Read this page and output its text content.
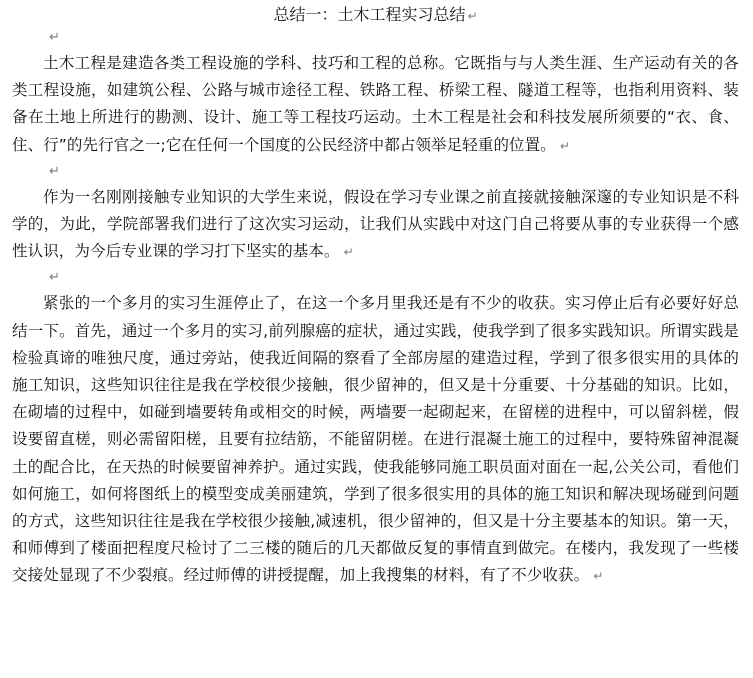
总结一：土木工程实习总结 ↵
↵

土木工程是建造各类工程设施的学科、技巧和工程的总称。它既指与与人类生涯、生产运动有关的各类工程设施，如建筑公程、公路与城市途径工程、铁路工程、桥梁工程、隧道工程等，也指利用资料、装备在土地上所进行的勘测、设计、施工等工程技巧运动。土木工程是社会和科技发展所须要的“衣、食、住、行”的先行官之一;它在任何一个国度的公民经济中都占领举足轻重的位置。 ↵

↵

作为一名刚刚接触专业知识的大学生来说，假设在学习专业课之前直接就接触深邃的专业知识是不科学的，为此，学院部署我们进行了这次实习运动，让我们从实践中对这门自己将要从事的专业获得一个感性认识，为今后专业课的学习打下坚实的基本。 ↵

↵

紧张的一个多月的实习生涯停止了，在这一个多月里我还是有不少的收获。实习停止后有必要好好总结一下。首先，通过一个多月的实习,前列腺癌的症状，通过实践，使我学到了很多实践知识。所谓实践是检验真谛的唯独尺度，通过旁站，使我近间隔的察看了全部房屋的建造过程，学到了很多很实用的具体的施工知识，这些知识往往是我在学校很少接触，很少留神的，但又是十分重要、十分基础的知识。比如，在砌墙的过程中，如碰到墙要转角或相交的时候，两墙要一起砌起来，在留槎的进程中，可以留斜槎，假设要留直槎，则必需留阳槎，且要有拉结筋，不能留阴槎。在进行混凝土施工的过程中，要特殊留神混凝土的配合比，在天热的时候要留神养护。通过实践，使我能够同施工职员面对面在一起,公关公司，看他们如何施工，如何将图纸上的模型变成美丽建筑，学到了很多很实用的具体的施工知识和解决现场碰到问题的方式，这些知识往往是我在学校很少接触,减速机，很少留神的，但又是十分主要基本的知识。第一天，和师傅到了楼面把程度尺检讨了二三楼的随后的几天都做反复的事情直到做完。在楼内，我发现了一些楼交接处显现了不少裂痕。经过师傅的讲授提醒，加上我搜集的材料，有了不少收获。 ↵
